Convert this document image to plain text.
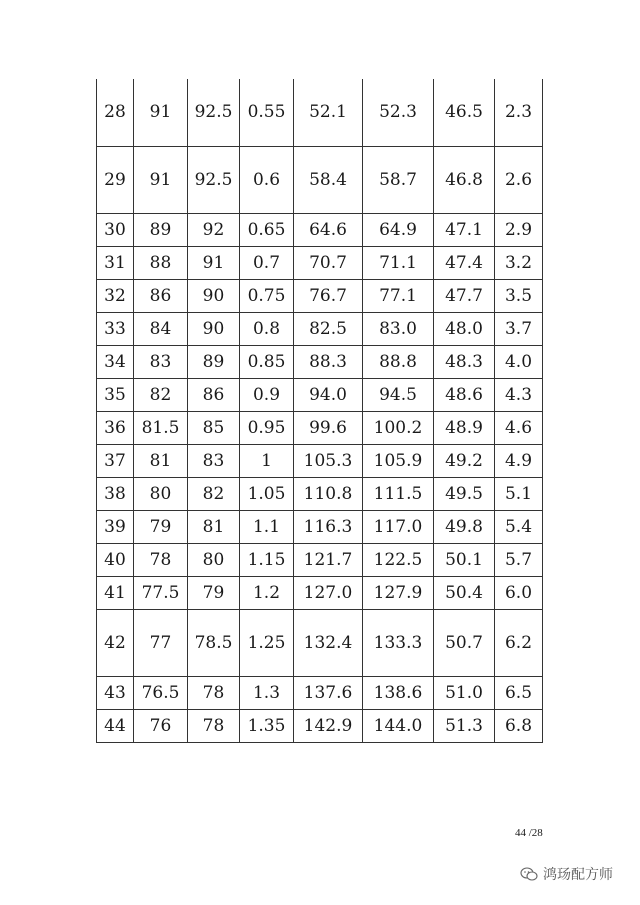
28	91	92.5	0.55	52.1	52.3	46.5	2.3
29	91	92.5	0.6	58.4	58.7	46.8	2.6
30	89	92	0.65	64.6	64.9	47.1	2.9
31	88	91	0.7	70.7	71.1	47.4	3.2
32	86	90	0.75	76.7	77.1	47.7	3.5
33	84	90	0.8	82.5	83.0	48.0	3.7
34	83	89	0.85	88.3	88.8	48.3	4.0
35	82	86	0.9	94.0	94.5	48.6	4.3
36	81.5	85	0.95	99.6	100.2	48.9	4.6
37	81	83	1	105.3	105.9	49.2	4.9
38	80	82	1.05	110.8	111.5	49.5	5.1
39	79	81	1.1	116.3	117.0	49.8	5.4
40	78	80	1.15	121.7	122.5	50.1	5.7
41	77.5	79	1.2	127.0	127.9	50.4	6.0
42	77	78.5	1.25	132.4	133.3	50.7	6.2
43	76.5	78	1.3	137.6	138.6	51.0	6.5
44	76	78	1.35	142.9	144.0	51.3	6.8
44 /28
鸿玚配方师
